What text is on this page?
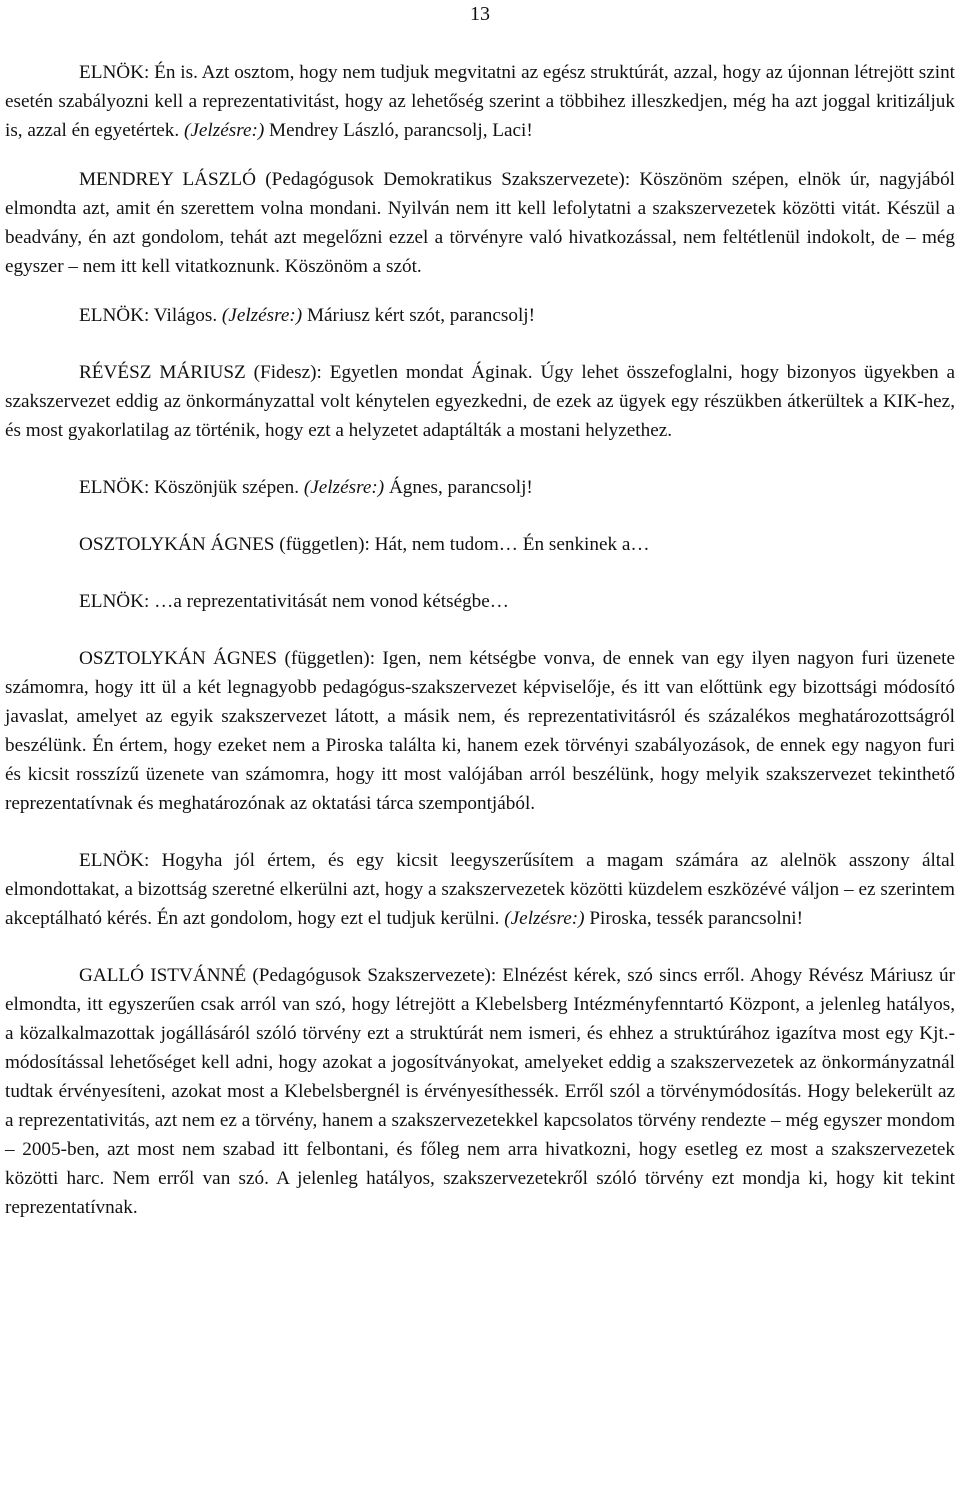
13

ELNÖK: Én is. Azt osztom, hogy nem tudjuk megvitatni az egész struktúrát, azzal, hogy az újonnan létrejött szint esetén szabályozni kell a reprezentativitást, hogy az lehetőség szerint a többihez illeszkedjen, még ha azt joggal kritizáljuk is, azzal én egyetértek. (Jelzésre:) Mendrey László, parancsolj, Laci!

MENDREY LÁSZLÓ (Pedagógusok Demokratikus Szakszervezete): Köszönöm szépen, elnök úr, nagyjából elmondta azt, amit én szerettem volna mondani. Nyilván nem itt kell lefolytatni a szakszervezetek közötti vitát. Készül a beadvány, én azt gondolom, tehát azt megelőzni ezzel a törvényre való hivatkozással, nem feltétlenül indokolt, de – még egyszer – nem itt kell vitatkoznunk. Köszönöm a szót.

ELNÖK: Világos. (Jelzésre:) Máriusz kért szót, parancsolj!

RÉVÉSZ MÁRIUSZ (Fidesz): Egyetlen mondat Áginak. Úgy lehet összefoglalni, hogy bizonyos ügyekben a szakszervezet eddig az önkormányzattal volt kénytelen egyezkedni, de ezek az ügyek egy részükben átkerültek a KIK-hez, és most gyakorlatilag az történik, hogy ezt a helyzetet adaptálták a mostani helyzethez.

ELNÖK: Köszönjük szépen. (Jelzésre:) Ágnes, parancsolj!

OSZTOLYKÁN ÁGNES (független): Hát, nem tudom… Én senkinek a…

ELNÖK: …a reprezentativitását nem vonod kétségbe…

OSZTOLYKÁN ÁGNES (független): Igen, nem kétségbe vonva, de ennek van egy ilyen nagyon furi üzenete számomra, hogy itt ül a két legnagyobb pedagógus-szakszervezet képviselője, és itt van előttünk egy bizottsági módosító javaslat, amelyet az egyik szakszervezet látott, a másik nem, és reprezentativitásról és százalékos meghatározottságról beszélünk. Én értem, hogy ezeket nem a Piroska találta ki, hanem ezek törvényi szabályozások, de ennek egy nagyon furi és kicsit rosszízű üzenete van számomra, hogy itt most valójában arról beszélünk, hogy melyik szakszervezet tekinthető reprezentatívnak és meghatározónak az oktatási tárca szempontjából.

ELNÖK: Hogyha jól értem, és egy kicsit leegyszerűsítem a magam számára az alelnök asszony által elmondottakat, a bizottság szeretné elkerülni azt, hogy a szakszervezetek közötti küzdelem eszközévé váljon – ez szerintem akceptálható kérés. Én azt gondolom, hogy ezt el tudjuk kerülni. (Jelzésre:) Piroska, tessék parancsolni!

GALLÓ ISTVÁNNÉ (Pedagógusok Szakszervezete): Elnézést kérek, szó sincs erről. Ahogy Révész Máriusz úr elmondta, itt egyszerűen csak arról van szó, hogy létrejött a Klebelsberg Intézményfenntartó Központ, a jelenleg hatályos, a közalkalmazottak jogállásáról szóló törvény ezt a struktúrát nem ismeri, és ehhez a struktúrához igazítva most egy Kjt.-módosítással lehetőséget kell adni, hogy azokat a jogosítványokat, amelyeket eddig a szakszervezetek az önkormányzatnál tudtak érvényesíteni, azokat most a Klebelsbergnél is érvényesíthessék. Erről szól a törvénymódosítás. Hogy belekerült az a reprezentativitás, azt nem ez a törvény, hanem a szakszervezetekkel kapcsolatos törvény rendezte – még egyszer mondom – 2005-ben, azt most nem szabad itt felbontani, és főleg nem arra hivatkozni, hogy esetleg ez most a szakszervezetek közötti harc. Nem erről van szó. A jelenleg hatályos, szakszervezetekről szóló törvény ezt mondja ki, hogy kit tekint reprezentatívnak.
